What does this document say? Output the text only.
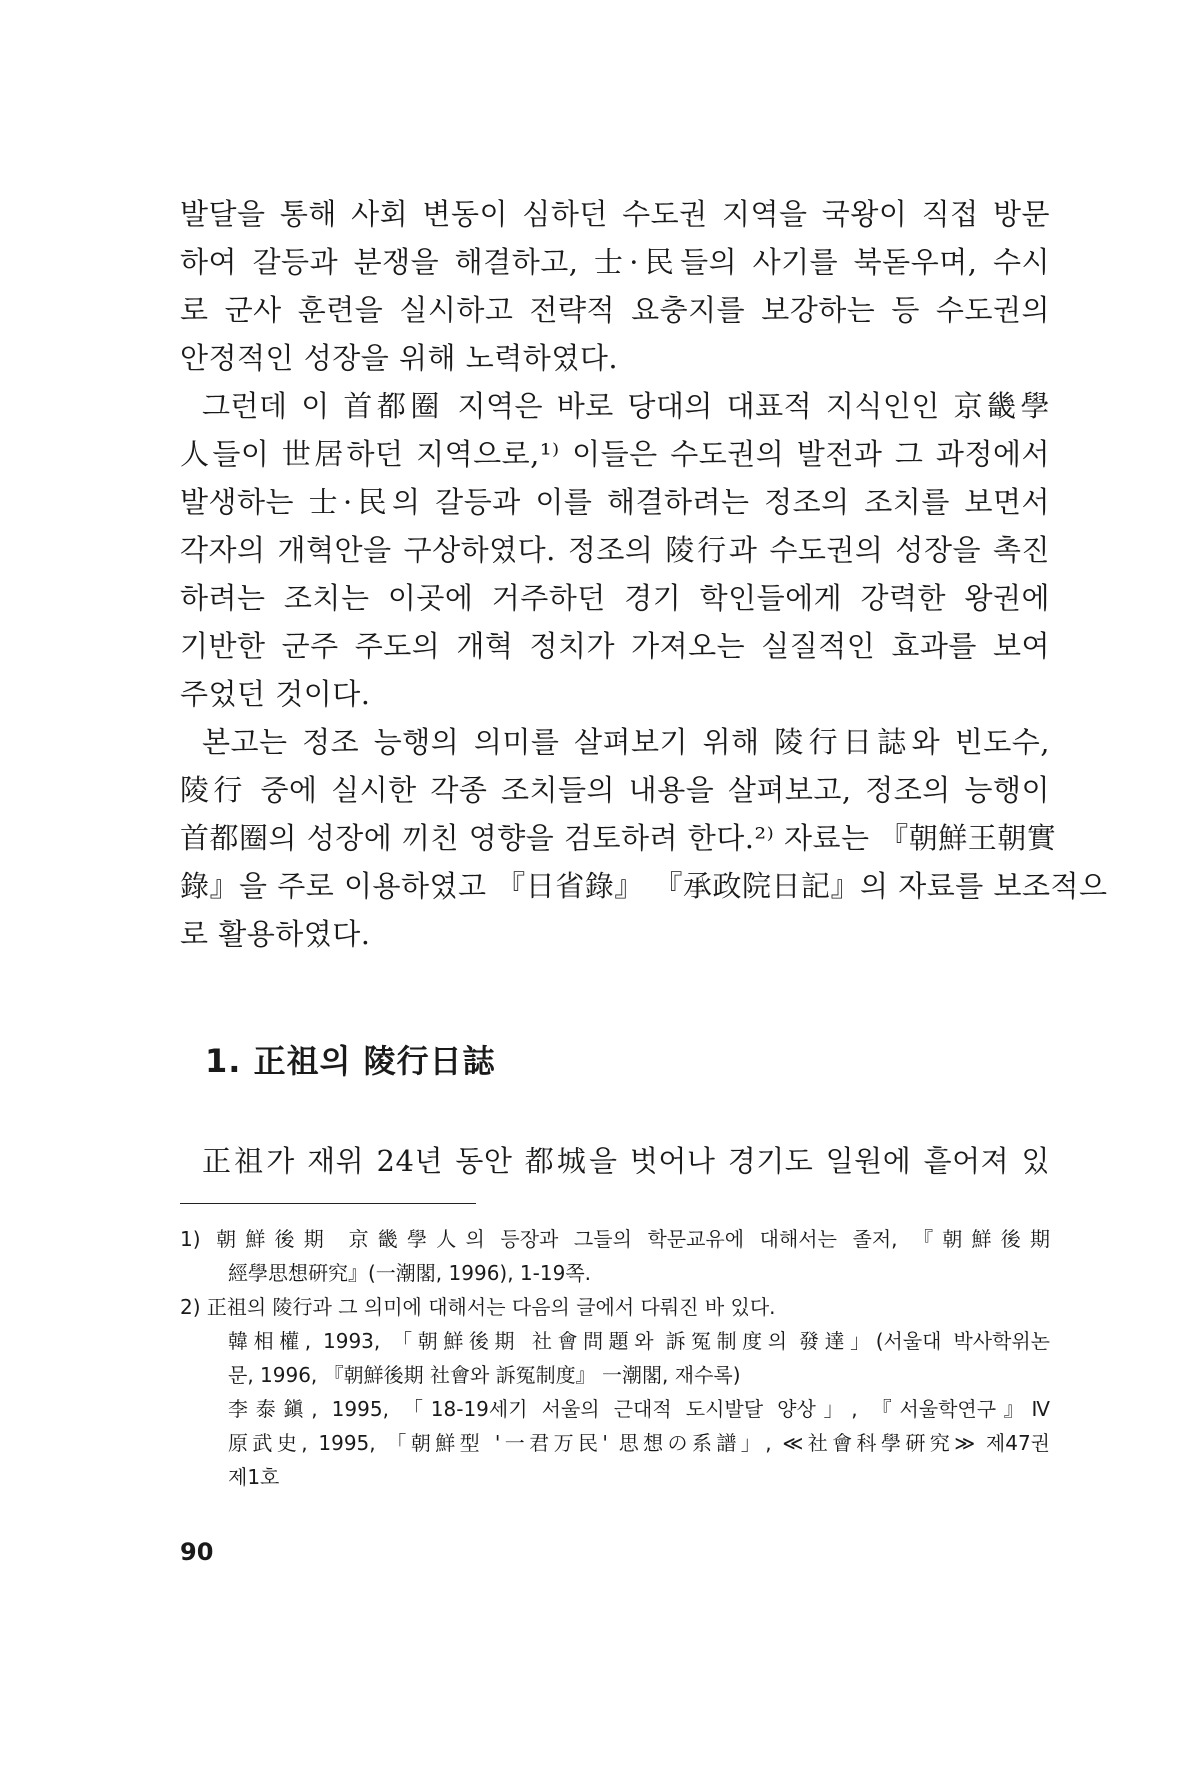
발달을 통해 사회 변동이 심하던 수도권 지역을 국왕이 직접 방문
하여 갈등과 분쟁을 해결하고, 士·民들의 사기를 북돋우며, 수시
로 군사 훈련을 실시하고 전략적 요충지를 보강하는 등 수도권의
안정적인 성장을 위해 노력하였다.
그런데 이 首都圈 지역은 바로 당대의 대표적 지식인인 京畿學
人들이 世居하던 지역으로,¹⁾ 이들은 수도권의 발전과 그 과정에서
발생하는 士·民의 갈등과 이를 해결하려는 정조의 조치를 보면서
각자의 개혁안을 구상하였다. 정조의 陵行과 수도권의 성장을 촉진
하려는 조치는 이곳에 거주하던 경기 학인들에게 강력한 왕권에
기반한 군주 주도의 개혁 정치가 가져오는 실질적인 효과를 보여
주었던 것이다.
본고는 정조 능행의 의미를 살펴보기 위해 陵行日誌와 빈도수,
陵行 중에 실시한 각종 조치들의 내용을 살펴보고, 정조의 능행이
首都圈의 성장에 끼친 영향을 검토하려 한다.²⁾ 자료는 『朝鮮王朝實
錄』을 주로 이용하였고 『日省錄』 『承政院日記』의 자료를 보조적으
로 활용하였다.
1. 正祖의 陵行日誌
正祖가 재위 24년 동안 都城을 벗어나 경기도 일원에 흩어져 있
1) 朝鮮後期 京畿學人의 등장과 그들의 학문교유에 대해서는 졸저, 『朝鮮後期
經學思想硏究』(一潮閣, 1996), 1-19쪽.
2) 正祖의 陵行과 그 의미에 대해서는 다음의 글에서 다뤄진 바 있다.
韓相權, 1993, 「朝鮮後期 社會問題와 訴冤制度의 發達」(서울대 박사학위논
문, 1996, 『朝鮮後期 社會와 訴冤制度』 一潮閣, 재수록)
李泰鎭, 1995, 「18-19세기 서울의 근대적 도시발달 양상」, 『서울학연구』Ⅳ
原武史, 1995, 「朝鮮型 '一君万民' 思想の系譜」, ≪社會科學硏究≫ 제47권
제1호
90
